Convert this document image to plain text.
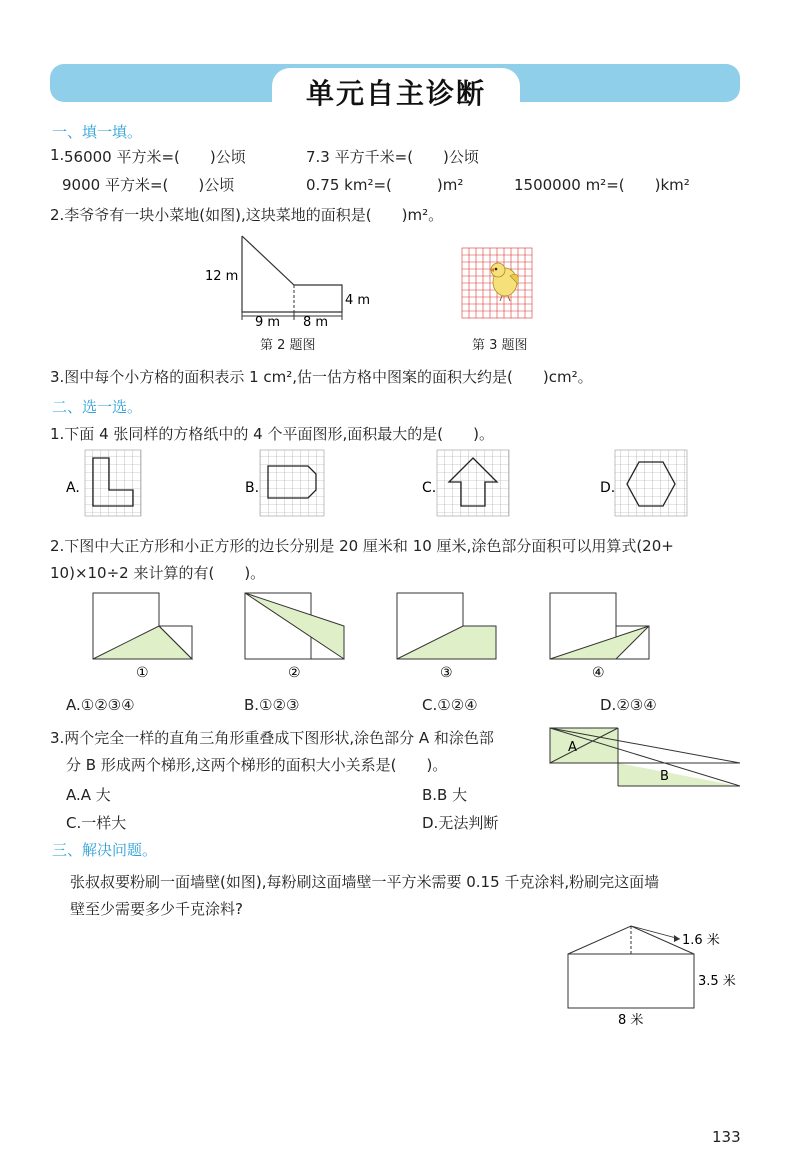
单元自主诊断
一、填一填。
1. 56000 平方米=(　　)公顷	7.3 平方千米=(　　)公顷
9000 平方米=(　　)公顷	0.75 km²=(　　　)m²	1500000 m²=(　　)km²
2.李爷爷有一块小菜地(如图),这块菜地的面积是(　　)m²。
12 m
4 m
9 m 8 m
第 2 题图	第 3 题图
3.图中每个小方格的面积表示 1 cm²,估一估方格中图案的面积大约是(　　)cm²。
二、选一选。
1.下面 4 张同样的方格纸中的 4 个平面图形,面积最大的是(　　)。
A.	B.	C.	D.
2.下图中大正方形和小正方形的边长分别是 20 厘米和 10 厘米,涂色部分面积可以用算式(20+
10)×10÷2 来计算的有(　　)。
①	②	③	④
A.①②③④	B.①②③	C.①②④	D.②③④
3.两个完全一样的直角三角形重叠成下图形状,涂色部分 A 和涂色部
分 B 形成两个梯形,这两个梯形的面积大小关系是(　　)。
A
B
A.A 大	B.B 大
C.一样大	D.无法判断
三、解决问题。
张叔叔要粉刷一面墙壁(如图),每粉刷这面墙壁一平方米需要 0.15 千克涂料,粉刷完这面墙
壁至少需要多少千克涂料?
1.6 米
3.5 米
8 米
133
